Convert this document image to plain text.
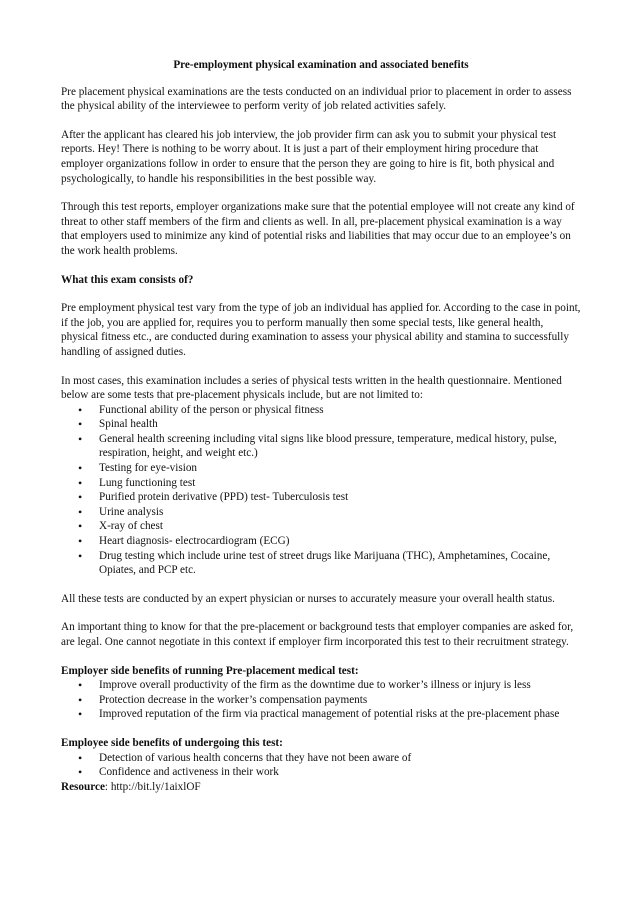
Pre-employment physical examination and associated benefits

Pre placement physical examinations are the tests conducted on an individual prior to placement in order to assess the physical ability of the interviewee to perform verity of job related activities safely.

After the applicant has cleared his job interview, the job provider firm can ask you to submit your physical test reports. Hey! There is nothing to be worry about. It is just a part of their employment hiring procedure that employer organizations follow in order to ensure that the person they are going to hire is fit, both physical and psychologically, to handle his responsibilities in the best possible way.

Through this test reports, employer organizations make sure that the potential employee will not create any kind of threat to other staff members of the firm and clients as well. In all, pre-placement physical examination is a way that employers used to minimize any kind of potential risks and liabilities that may occur due to an employee’s on the work health problems.

What this exam consists of?

Pre employment physical test vary from the type of job an individual has applied for. According to the case in point, if the job, you are applied for, requires you to perform manually then some special tests, like general health, physical fitness etc., are conducted during examination to assess your physical ability and stamina to successfully handling of assigned duties.

In most cases, this examination includes a series of physical tests written in the health questionnaire. Mentioned below are some tests that pre-placement physicals include, but are not limited to:

• Functional ability of the person or physical fitness
• Spinal health
• General health screening including vital signs like blood pressure, temperature, medical history, pulse, respiration, height, and weight etc.)
• Testing for eye-vision
• Lung functioning test
• Purified protein derivative (PPD) test- Tuberculosis test
• Urine analysis
• X-ray of chest
• Heart diagnosis- electrocardiogram (ECG)
• Drug testing which include urine test of street drugs like Marijuana (THC), Amphetamines, Cocaine, Opiates, and PCP etc.

All these tests are conducted by an expert physician or nurses to accurately measure your overall health status.

An important thing to know for that the pre-placement or background tests that employer companies are asked for, are legal. One cannot negotiate in this context if employer firm incorporated this test to their recruitment strategy.

Employer side benefits of running Pre-placement medical test:
• Improve overall productivity of the firm as the downtime due to worker’s illness or injury is less
• Protection decrease in the worker’s compensation payments
• Improved reputation of the firm via practical management of potential risks at the pre-placement phase
Employee side benefits of undergoing this test:
• Detection of various health concerns that they have not been aware of
• Confidence and activeness in their work
Resource: http://bit.ly/1aixlOF
